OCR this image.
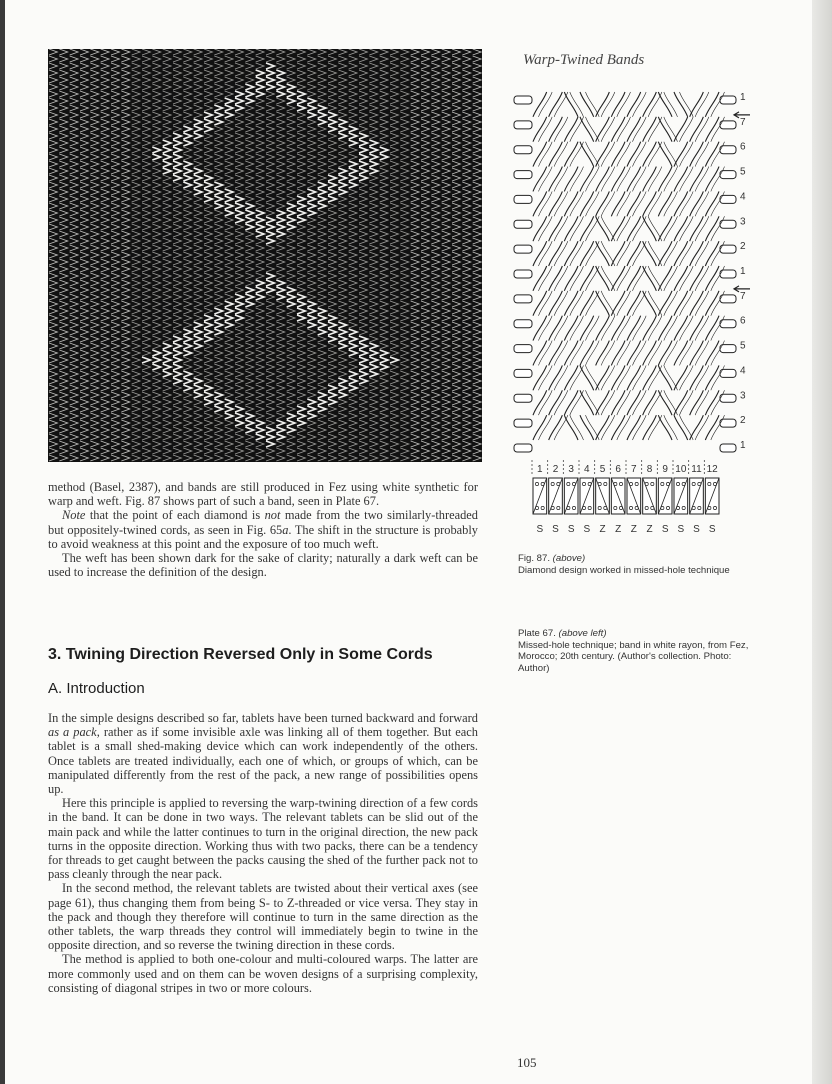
Warp-Twined Bands
1
7
6
5
4
3
2
1
7
6
5
4
3
2
1
1 2 3 4 5 6 7 8 9 10 11 12
S S S S Z Z Z Z S S S S

method (Basel, 2387), and bands are still produced in Fez using white synthetic for warp and weft. Fig. 87 shows part of such a band, seen in Plate 67.

Note that the point of each diamond is not made from the two similarly-threaded but oppositely-twined cords, as seen in Fig. 65a. The shift in the structure is probably to avoid weakness at this point and the exposure of too much weft.

The weft has been shown dark for the sake of clarity; naturally a dark weft can be used to increase the definition of the design.

3. Twining Direction Reversed Only in Some Cords
A. Introduction

In the simple designs described so far, tablets have been turned backward and forward as a pack, rather as if some invisible axle was linking all of them together. But each tablet is a small shed-making device which can work independently of the others. Once tablets are treated individually, each one of which, or groups of which, can be manipulated differently from the rest of the pack, a new range of possibilities opens up.

Here this principle is applied to reversing the warp-twining direction of a few cords in the band. It can be done in two ways. The relevant tablets can be slid out of the main pack and while the latter continues to turn in the original direction, the new pack turns in the opposite direction. Working thus with two packs, there can be a tendency for threads to get caught between the packs causing the shed of the further pack not to pass cleanly through the near pack.

In the second method, the relevant tablets are twisted about their vertical axes (see page 61), thus changing them from being S- to Z-threaded or vice versa. They stay in the pack and though they therefore will continue to turn in the same direction as the other tablets, the warp threads they control will immediately begin to twine in the opposite direction, and so reverse the twining direction in these cords.

The method is applied to both one-colour and multi-coloured warps. The latter are more commonly used and on them can be woven designs of a surprising complexity, consisting of diagonal stripes in two or more colours.

Fig. 87. (above)
Diamond design worked in missed-hole technique
Plate 67. (above left)
Missed-hole technique; band in white rayon, from Fez, Morocco; 20th century. (Author's collection. Photo: Author)
105
